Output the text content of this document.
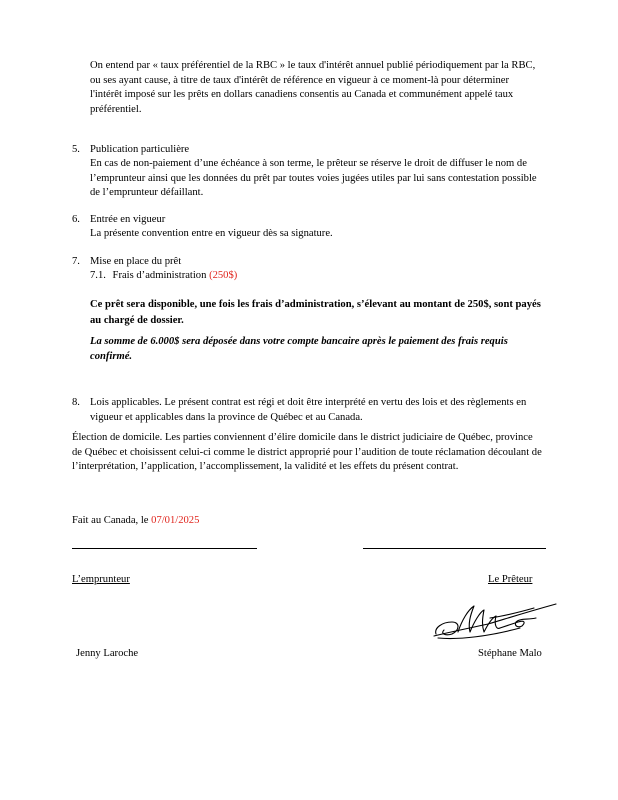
On entend par « taux préférentiel de la RBC » le taux d'intérêt annuel publié périodiquement par la RBC, ou ses ayant cause, à titre de taux d'intérêt de référence en vigueur à ce moment-là pour déterminer l'intérêt imposé sur les prêts en dollars canadiens consentis au Canada et communément appelé taux préférentiel.

5. Publication particulière

En cas de non-paiement d’une échéance à son terme, le prêteur se réserve le droit de diffuser le nom de l’emprunteur ainsi que les données du prêt par toutes voies jugées utiles par lui sans contestation possible de l’emprunteur défaillant.

6. Entrée en vigueur

La présente convention entre en vigueur dès sa signature.

7. Mise en place du prêt

7.1. Frais d’administration (250$)

Ce prêt sera disponible, une fois les frais d’administration, s’élevant au montant de 250$, sont payés au chargé de dossier.

La somme de 6.000$ sera déposée dans votre compte bancaire après le paiement des frais requis confirmé.

8. Lois applicables. Le présent contrat est régi et doit être interprété en vertu des lois et des règlements en vigueur et applicables dans la province de Québec et au Canada.

Élection de domicile. Les parties conviennent d’élire domicile dans le district judiciaire de Québec, province de Québec et choisissent celui-ci comme le district approprié pour l’audition de toute réclamation découlant de l’interprétation, l’application, l’accomplissement, la validité et les effets du présent contrat.

Fait au Canada, le 07/01/2025
L’emprunteur	Le Prêteur
Jenny Laroche	Stéphane Malo
